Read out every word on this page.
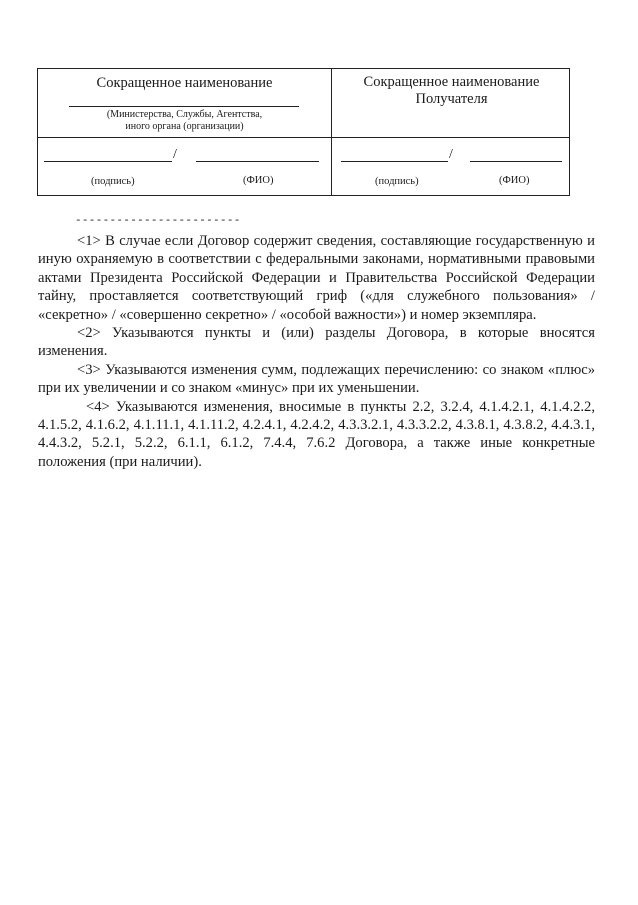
Сокращенное наименование
(Министерства, Службы, Агентства,
иного органа (организации)
/
(подпись)	(ФИО)
Сокращенное наименование
Получателя
/
(подпись)	(ФИО)
------------------------

<1> В случае если Договор содержит сведения, составляющие государственную и иную охраняемую в соответствии с федеральными законами, нормативными правовыми актами Президента Российской Федерации и Правительства Российской Федерации тайну, проставляется соответствующий гриф («для служебного пользования» / «секретно» / «совершенно секретно» / «особой важности») и номер экземпляра.

<2> Указываются пункты и (или) разделы Договора, в которые вносятся изменения.

<3> Указываются изменения сумм, подлежащих перечислению: со знаком «плюс» при их увеличении и со знаком «минус» при их уменьшении.

<4> Указываются изменения, вносимые в пункты 2.2, 3.2.4, 4.1.4.2.1, 4.1.4.2.2, 4.1.5.2, 4.1.6.2, 4.1.11.1, 4.1.11.2, 4.2.4.1, 4.2.4.2, 4.3.3.2.1, 4.3.3.2.2, 4.3.8.1, 4.3.8.2, 4.4.3.1, 4.4.3.2, 5.2.1, 5.2.2, 6.1.1, 6.1.2, 7.4.4, 7.6.2 Договора, а также иные конкретные положения (при наличии).
